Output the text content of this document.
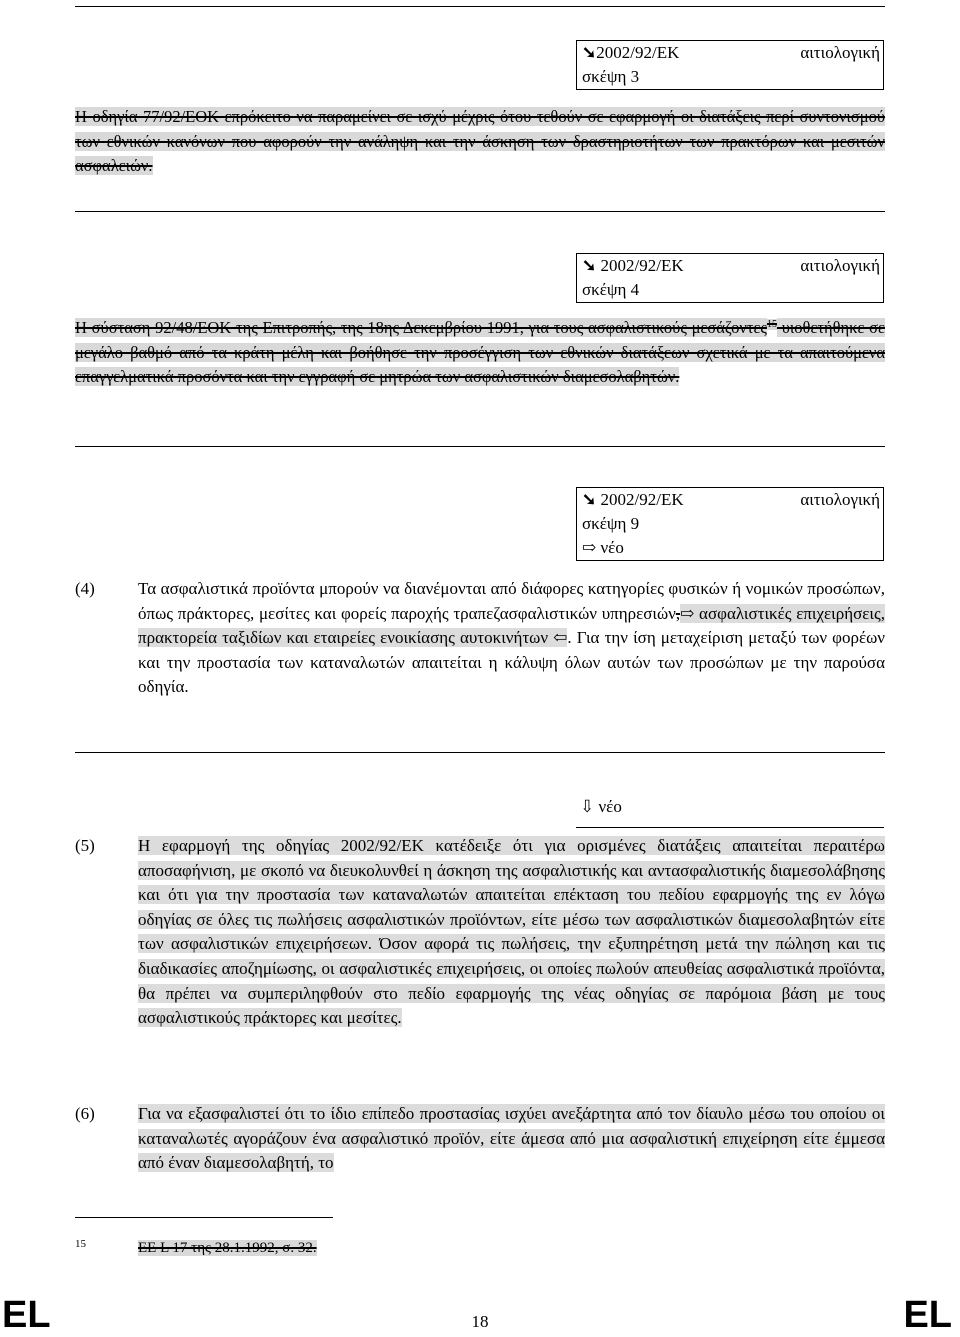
➘2002/92/ΕΚ	αιτιολογική
σκέψη 3
Η οδηγία 77/92/ΕΟΚ επρόκειτο να παραμείνει σε ισχύ μέχρις ότου τεθούν σε εφαρμογή οι διατάξεις περί συντονισμού των εθνικών κανόνων που αφορούν την ανάληψη και την άσκηση των δραστηριοτήτων των πρακτόρων και μεσιτών ασφαλειών.
➘ 2002/92/ΕΚ	αιτιολογική
σκέψη 4
Η σύσταση 92/48/ΕΟΚ της Επιτροπής, της 18ης Δεκεμβρίου 1991, για τους ασφαλιστικούς μεσάζοντες$^{15}$ υιοθετήθηκε σε μεγάλο βαθμό από τα κράτη μέλη και βοήθησε την προσέγγιση των εθνικών διατάξεων σχετικά με τα απαιτούμενα επαγγελματικά προσόντα και την εγγραφή σε μητρώα των ασφαλιστικών διαμεσολαβητών.
➘ 2002/92/ΕΚ	αιτιολογική
σκέψη 9
⇨ νέο
(4)	Τα ασφαλιστικά προϊόντα μπορούν να διανέμονται από διάφορες κατηγορίες φυσικών ή νομικών προσώπων, όπως πράκτορες, μεσίτες και φορείς παροχής τραπεζασφαλιστικών υπηρεσιών,⇨ ασφαλιστικές επιχειρήσεις, πρακτορεία ταξιδίων και εταιρείες ενοικίασης αυτοκινήτων ⇦. Για την ίση μεταχείριση μεταξύ των φορέων και την προστασία των καταναλωτών απαιτείται η κάλυψη όλων αυτών των προσώπων με την παρούσα οδηγία.
⇩ νέο
(5)	Η εφαρμογή της οδηγίας 2002/92/ΕΚ κατέδειξε ότι για ορισμένες διατάξεις απαιτείται περαιτέρω αποσαφήνιση, με σκοπό να διευκολυνθεί η άσκηση της ασφαλιστικής και αντασφαλιστικής διαμεσολάβησης και ότι για την προστασία των καταναλωτών απαιτείται επέκταση του πεδίου εφαρμογής της εν λόγω οδηγίας σε όλες τις πωλήσεις ασφαλιστικών προϊόντων, είτε μέσω των ασφαλιστικών διαμεσολαβητών είτε των ασφαλιστικών επιχειρήσεων. Όσον αφορά τις πωλήσεις, την εξυπηρέτηση μετά την πώληση και τις διαδικασίες αποζημίωσης, οι ασφαλιστικές επιχειρήσεις, οι οποίες πωλούν απευθείας ασφαλιστικά προϊόντα, θα πρέπει να συμπεριληφθούν στο πεδίο εφαρμογής της νέας οδηγίας σε παρόμοια βάση με τους ασφαλιστικούς πράκτορες και μεσίτες.
(6)	Για να εξασφαλιστεί ότι το ίδιο επίπεδο προστασίας ισχύει ανεξάρτητα από τον δίαυλο μέσω του οποίου οι καταναλωτές αγοράζουν ένα ασφαλιστικό προϊόν, είτε άμεσα από μια ασφαλιστική επιχείρηση είτε έμμεσα από έναν διαμεσολαβητή, το
15	ΕΕ L 17 της 28.1.1992, σ. 32.
EL	18	EL
